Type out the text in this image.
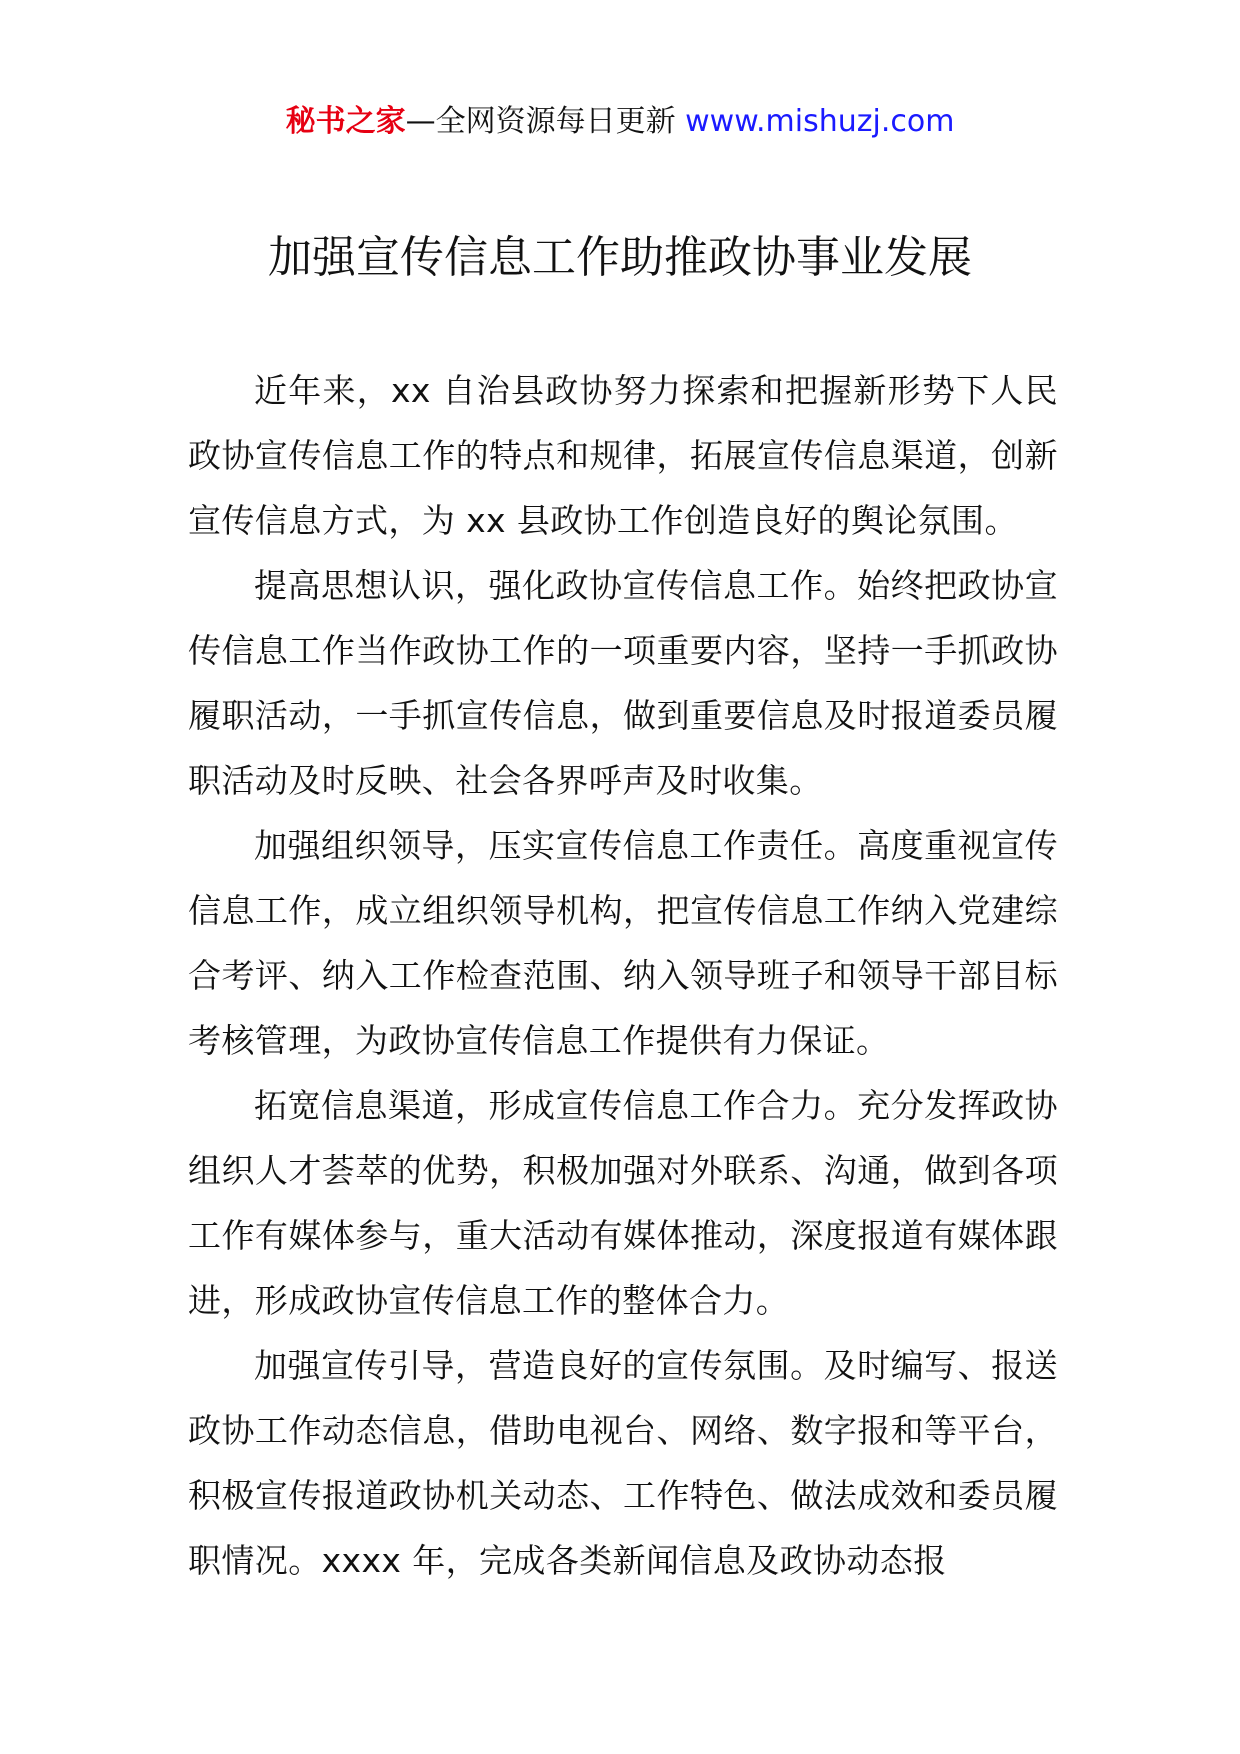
秘书之家—全网资源每日更新 www.mishuzj.com
加强宣传信息工作助推政协事业发展

近年来，xx 自治县政协努力探索和把握新形势下人民政协宣传信息工作的特点和规律，拓展宣传信息渠道，创新宣传信息方式，为 xx 县政协工作创造良好的舆论氛围。

提高思想认识，强化政协宣传信息工作。始终把政协宣传信息工作当作政协工作的一项重要内容，坚持一手抓政协履职活动，一手抓宣传信息，做到重要信息及时报道委员履职活动及时反映、社会各界呼声及时收集。

加强组织领导，压实宣传信息工作责任。高度重视宣传信息工作，成立组织领导机构，把宣传信息工作纳入党建综合考评、纳入工作检查范围、纳入领导班子和领导干部目标考核管理，为政协宣传信息工作提供有力保证。

拓宽信息渠道，形成宣传信息工作合力。充分发挥政协组织人才荟萃的优势，积极加强对外联系、沟通，做到各项工作有媒体参与，重大活动有媒体推动，深度报道有媒体跟进，形成政协宣传信息工作的整体合力。

加强宣传引导，营造良好的宣传氛围。及时编写、报送政协工作动态信息，借助电视台、网络、数字报和等平台，积极宣传报道政协机关动态、工作特色、做法成效和委员履职情况。xxxx 年，完成各类新闻信息及政协动态报
